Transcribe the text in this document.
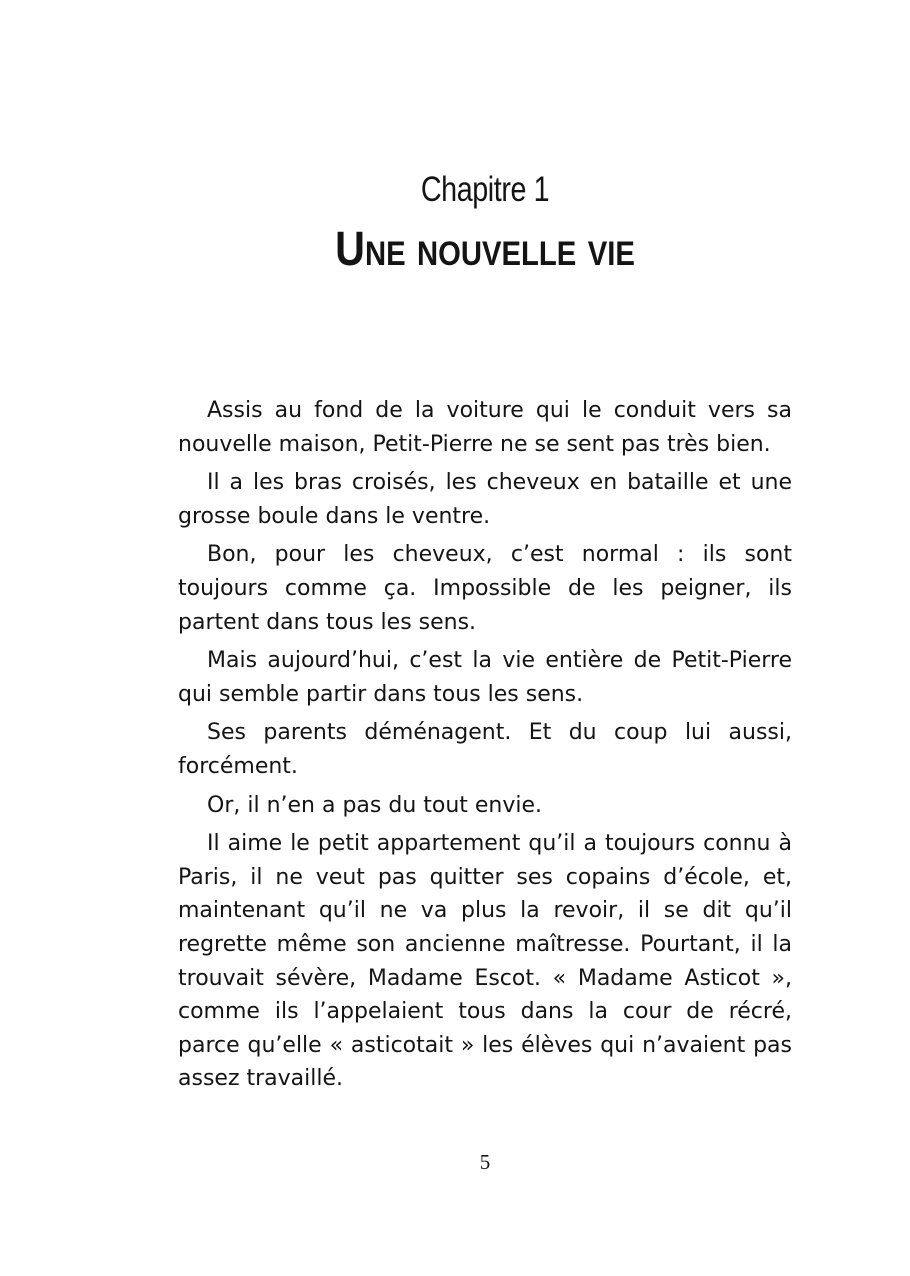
Chapitre 1
Une nouvelle vie

Assis au fond de la voiture qui le conduit vers sa nouvelle maison, Petit-Pierre ne se sent pas très bien.

Il a les bras croisés, les cheveux en bataille et une grosse boule dans le ventre.

Bon, pour les cheveux, c’est normal : ils sont toujours comme ça. Impossible de les peigner, ils partent dans tous les sens.

Mais aujourd’hui, c’est la vie entière de Petit-Pierre qui semble partir dans tous les sens.

Ses parents déménagent. Et du coup lui aussi, forcément.

Or, il n’en a pas du tout envie.

Il aime le petit appartement qu’il a toujours connu à Paris, il ne veut pas quitter ses copains d’école, et, maintenant qu’il ne va plus la revoir, il se dit qu’il regrette même son ancienne maîtresse. Pourtant, il la trouvait sévère, Madame Escot. « Madame Asticot », comme ils l’appelaient tous dans la cour de récré, parce qu’elle « asticotait » les élèves qui n’avaient pas assez travaillé.

5
